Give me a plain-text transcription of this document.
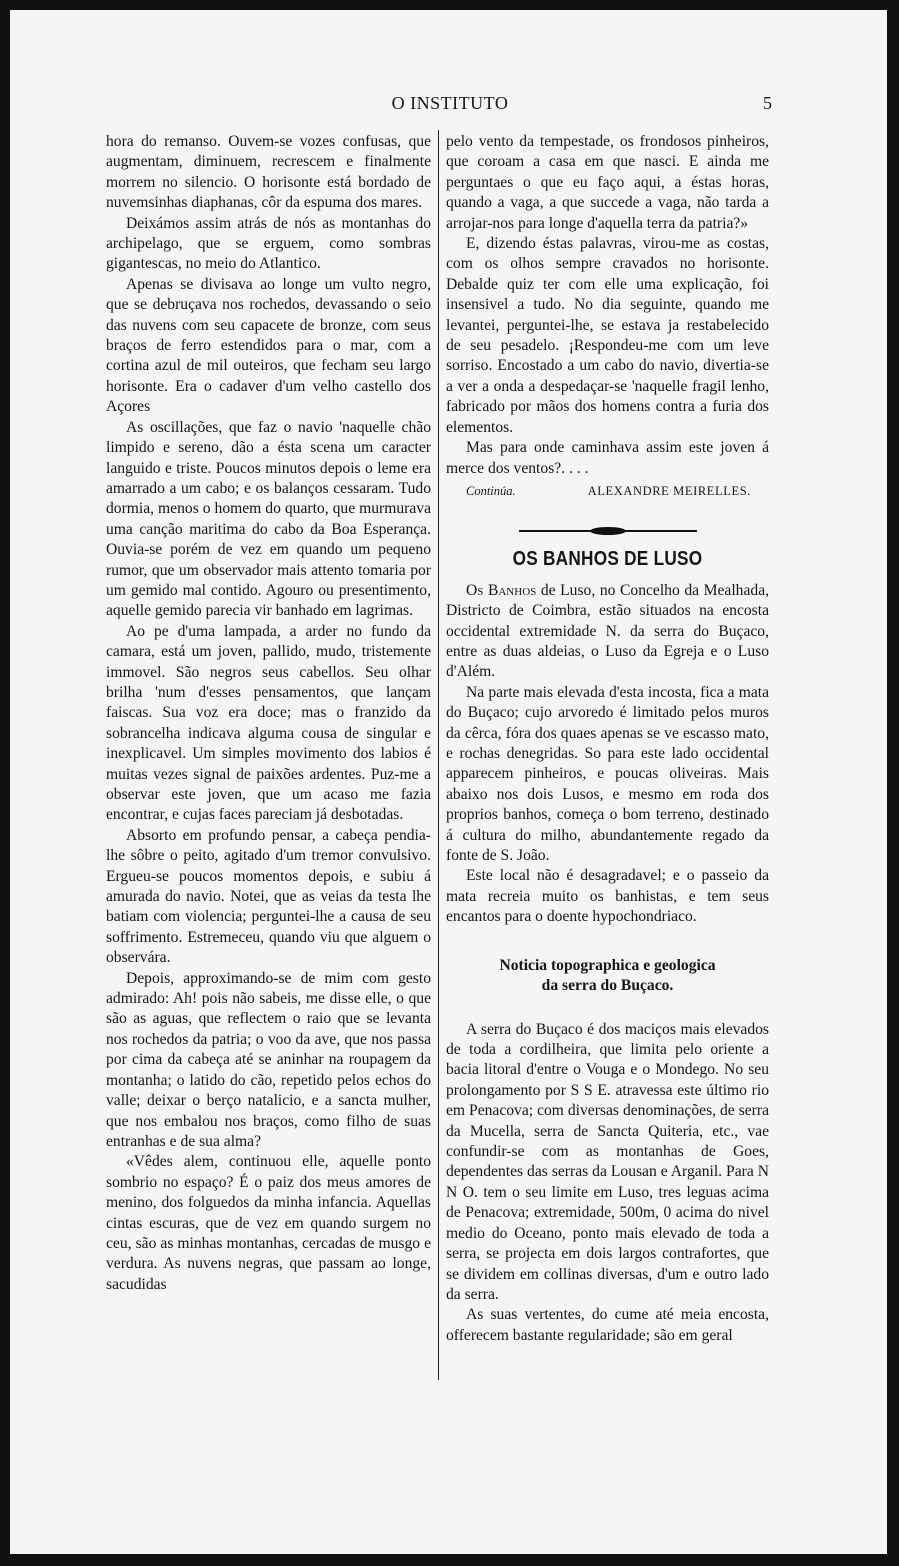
O INSTITUTO	5

hora do remanso. Ouvem-se vozes confusas, que augmentam, diminuem, recrescem e finalmente morrem no silencio. O horisonte está bordado de nuvemsinhas diaphanas, côr da espuma dos mares.

Deixámos assim atrás de nós as montanhas do archipelago, que se erguem, como sombras gigantescas, no meio do Atlantico.

Apenas se divisava ao longe um vulto negro, que se debruçava nos rochedos, devassando o seio das nuvens com seu capacete de bronze, com seus braços de ferro estendidos para o mar, com a cortina azul de mil outeiros, que fecham seu largo horisonte. Era o cadaver d'um velho castello dos Açores

As oscillações, que faz o navio 'naquelle chão limpido e sereno, dão a ésta scena um caracter languido e triste. Poucos minutos depois o leme era amarrado a um cabo; e os balanços cessaram. Tudo dormia, menos o homem do quarto, que murmurava uma canção maritima do cabo da Boa Esperança. Ouvia-se porém de vez em quando um pequeno rumor, que um observador mais attento tomaria por um gemido mal contido. Agouro ou presentimento, aquelle gemido parecia vir banhado em lagrimas.

Ao pe d'uma lampada, a arder no fundo da camara, está um joven, pallido, mudo, tristemente immovel. São negros seus cabellos. Seu olhar brilha 'num d'esses pensamentos, que lançam faiscas. Sua voz era doce; mas o franzido da sobrancelha indicava alguma cousa de singular e inexplicavel. Um simples movimento dos labios é muitas vezes signal de paixões ardentes. Puz-me a observar este joven, que um acaso me fazia encontrar, e cujas faces pareciam já desbotadas.

Absorto em profundo pensar, a cabeça pendia-lhe sôbre o peito, agitado d'um tremor convulsivo. Ergueu-se poucos momentos depois, e subiu á amurada do navio. Notei, que as veias da testa lhe batiam com violencia; perguntei-lhe a causa de seu soffrimento. Estremeceu, quando viu que alguem o observára.

Depois, approximando-se de mim com gesto admirado: Ah! pois não sabeis, me disse elle, o que são as aguas, que reflectem o raio que se levanta nos rochedos da patria; o voo da ave, que nos passa por cima da cabeça até se aninhar na roupagem da montanha; o latido do cão, repetido pelos echos do valle; deixar o berço natalicio, e a sancta mulher, que nos embalou nos braços, como filho de suas entranhas e de sua alma?

«Vêdes alem, continuou elle, aquelle ponto sombrio no espaço? É o paiz dos meus amores de menino, dos folguedos da minha infancia. Aquellas cintas escuras, que de vez em quando surgem no ceu, são as minhas montanhas, cercadas de musgo e verdura. As nuvens negras, que passam ao longe, sacudidas

pelo vento da tempestade, os frondosos pinheiros, que coroam a casa em que nasci. E ainda me perguntaes o que eu faço aqui, a éstas horas, quando a vaga, a que succede a vaga, não tarda a arrojar-nos para longe d'aquella terra da patria?»

E, dizendo éstas palavras, virou-me as costas, com os olhos sempre cravados no horisonte. Debalde quiz ter com elle uma explicação, foi insensivel a tudo. No dia seguinte, quando me levantei, perguntei-lhe, se estava ja restabelecido de seu pesadelo. ¡Respondeu-me com um leve sorriso. Encostado a um cabo do navio, divertia-se a ver a onda a despedaçar-se 'naquelle fragil lenho, fabricado por mãos dos homens contra a furia dos elementos.

Mas para onde caminhava assim este joven á merce dos ventos?. . . .

Continúa.	ALEXANDRE MEIRELLES.
OS BANHOS DE LUSO

Os Banhos de Luso, no Concelho da Mealhada, Districto de Coimbra, estão situados na encosta occidental extremidade N. da serra do Buçaco, entre as duas aldeias, o Luso da Egreja e o Luso d'Além.

Na parte mais elevada d'esta incosta, fica a mata do Buçaco; cujo arvoredo é limitado pelos muros da cêrca, fóra dos quaes apenas se ve escasso mato, e rochas denegridas. So para este lado occidental apparecem pinheiros, e poucas oliveiras. Mais abaixo nos dois Lusos, e mesmo em roda dos proprios banhos, começa o bom terreno, destinado á cultura do milho, abundantemente regado da fonte de S. João.

Este local não é desagradavel; e o passeio da mata recreia muito os banhistas, e tem seus encantos para o doente hypochondriaco.

Noticia topographica e geologica
da serra do Buçaco.

A serra do Buçaco é dos maciços mais elevados de toda a cordilheira, que limita pelo oriente a bacia litoral d'entre o Vouga e o Mondego. No seu prolongamento por S S E. atravessa este último rio em Penacova; com diversas denominações, de serra da Mucella, serra de Sancta Quiteria, etc., vae confundir-se com as montanhas de Goes, dependentes das serras da Lousan e Arganil. Para N N O. tem o seu limite em Luso, tres leguas acima de Penacova; extremidade, 500m, 0 acima do nivel medio do Oceano, ponto mais elevado de toda a serra, se projecta em dois largos contrafortes, que se dividem em collinas diversas, d'um e outro lado da serra.

As suas vertentes, do cume até meia encosta, offerecem bastante regularidade; são em geral
